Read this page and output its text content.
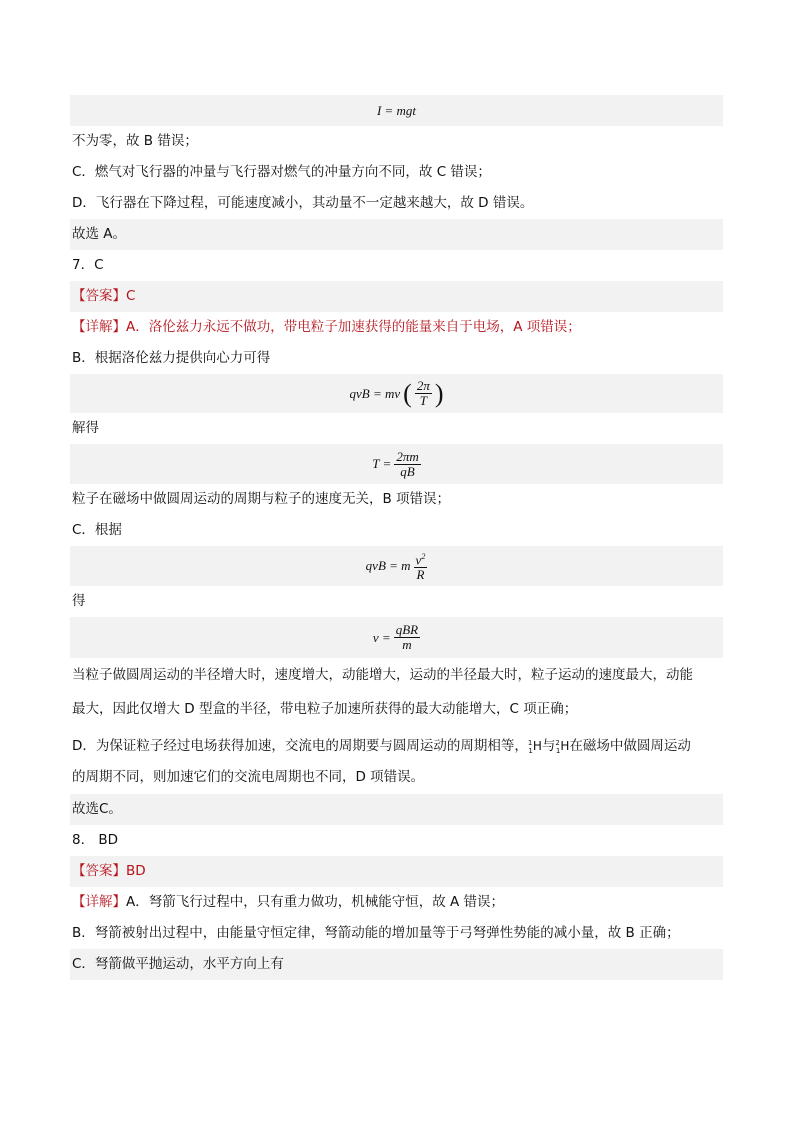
I = mgt
不为零，故 B 错误；
C．燃气对飞行器的冲量与飞行器对燃气的冲量方向不同，故 C 错误；
D．飞行器在下降过程，可能速度减小，其动量不一定越来越大，故 D 错误。
故选 A。
7．C
【答案】C
【详解】A．洛伦兹力永远不做功，带电粒子加速获得的能量来自于电场，A 项错误；
B．根据洛伦兹力提供向心力可得
qvB = mv ( $\frac{2\pi}{T}$ )
解得
$T = \frac{2\pi m}{qB}$
粒子在磁场中做圆周运动的周期与粒子的速度无关，B 项错误；
C．根据
qvB = m $\frac{v^2}{R}$
得
$v = \frac{\text{qBR}}{m}$
当粒子做圆周运动的半径增大时，速度增大，动能增大，运动的半径最大时，粒子运动的速度最大，动能
最大，因此仅增大 D 型盒的半径，带电粒子加速所获得的最大动能增大，C 项正确；
D．为保证粒子经过电场获得加速，交流电的周期要与圆周运动的周期相等，$^1_1$H与$^2_1$H在磁场中做圆周运动
的周期不同，则加速它们的交流电周期也不同，D 项错误。
故选C。
8． BD
【答案】BD
【详解】A．弩箭飞行过程中，只有重力做功，机械能守恒，故 A 错误；
B．弩箭被射出过程中，由能量守恒定律，弩箭动能的增加量等于弓弩弹性势能的减小量，故 B 正确；
C．弩箭做平抛运动，水平方向上有
